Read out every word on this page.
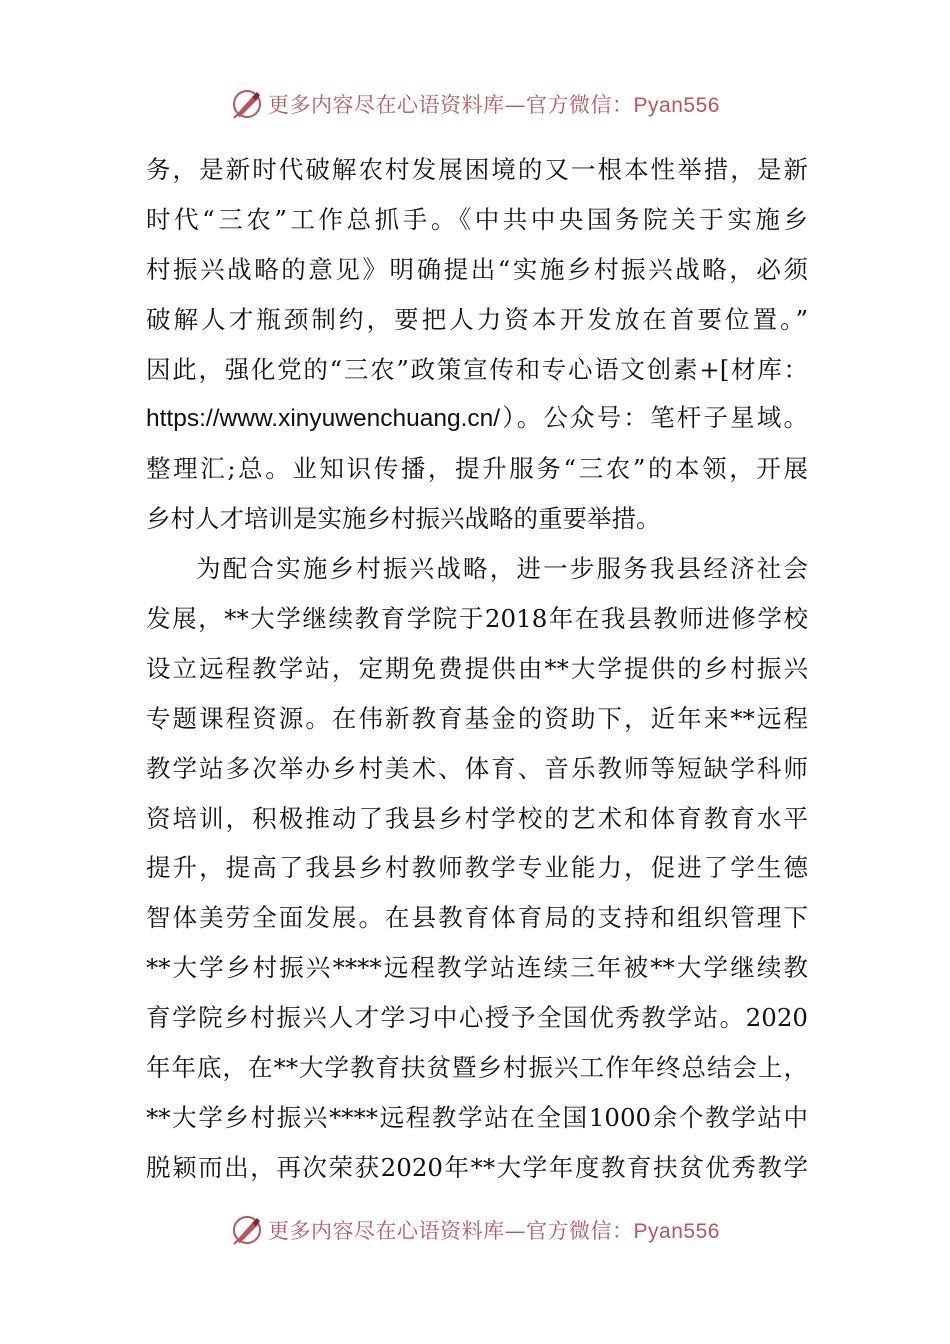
更多内容尽在心语资料库—官方微信：Pyan556
务，是新时代破解农村发展困境的又一根本性举措，是新
时代“三农”工作总抓手。《中共中央国务院关于实施乡
村振兴战略的意见》明确提出“实施乡村振兴战略，必须
破解人才瓶颈制约，要把人力资本开发放在首要位置。”
因此，强化党的“三农”政策宣传和专心语文创素+[材库：
https://www.xinyuwenchuang.cn/）。公众号：笔杆子星域。
整理汇;总。业知识传播，提升服务“三农”的本领，开展
乡村人才培训是实施乡村振兴战略的重要举措。
为配合实施乡村振兴战略，进一步服务我县经济社会
发展，**大学继续教育学院于2018年在我县教师进修学校
设立远程教学站，定期免费提供由**大学提供的乡村振兴
专题课程资源。在伟新教育基金的资助下，近年来**远程
教学站多次举办乡村美术、体育、音乐教师等短缺学科师
资培训，积极推动了我县乡村学校的艺术和体育教育水平
提升，提高了我县乡村教师教学专业能力，促进了学生德
智体美劳全面发展。在县教育体育局的支持和组织管理下
**大学乡村振兴****远程教学站连续三年被**大学继续教
育学院乡村振兴人才学习中心授予全国优秀教学站。2020
年年底，在**大学教育扶贫暨乡村振兴工作年终总结会上，
**大学乡村振兴****远程教学站在全国1000余个教学站中
脱颖而出，再次荣获2020年**大学年度教育扶贫优秀教学
更多内容尽在心语资料库—官方微信：Pyan556
